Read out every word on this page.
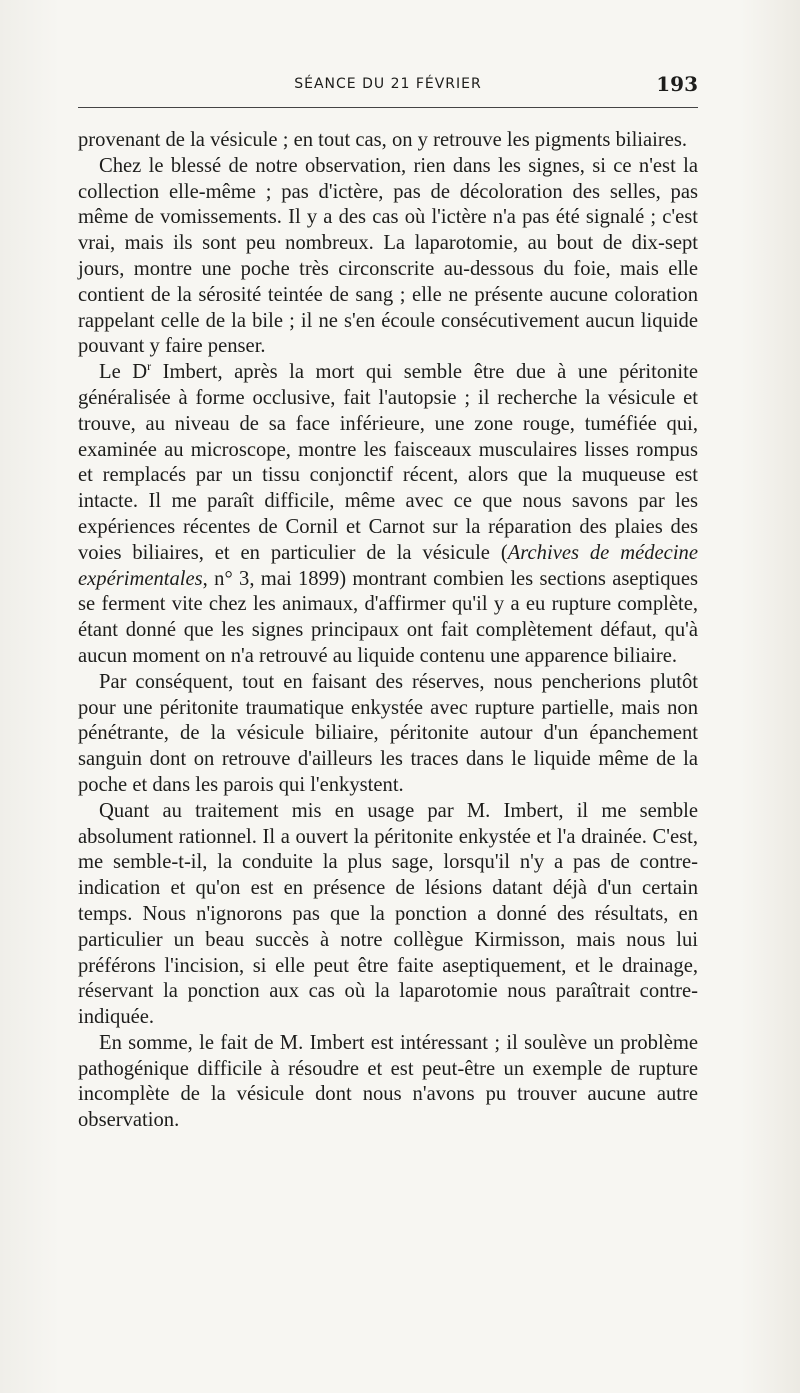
SÉANCE DU 21 FÉVRIER	193

provenant de la vésicule ; en tout cas, on y retrouve les pigments biliaires.

Chez le blessé de notre observation, rien dans les signes, si ce n'est la collection elle-même ; pas d'ictère, pas de décoloration des selles, pas même de vomissements. Il y a des cas où l'ictère n'a pas été signalé ; c'est vrai, mais ils sont peu nombreux. La laparotomie, au bout de dix-sept jours, montre une poche très circonscrite au-dessous du foie, mais elle contient de la sérosité teintée de sang ; elle ne présente aucune coloration rappelant celle de la bile ; il ne s'en écoule consécutivement aucun liquide pouvant y faire penser.

Le $D^r$ Imbert, après la mort qui semble être due à une péritonite généralisée à forme occlusive, fait l'autopsie ; il recherche la vésicule et trouve, au niveau de sa face inférieure, une zone rouge, tuméfiée qui, examinée au microscope, montre les faisceaux musculaires lisses rompus et remplacés par un tissu conjonctif récent, alors que la muqueuse est intacte. Il me paraît difficile, même avec ce que nous savons par les expériences récentes de Cornil et Carnot sur la réparation des plaies des voies biliaires, et en particulier de la vésicule (Archives de médecine expérimentales, n° 3, mai 1899) montrant combien les sections aseptiques se ferment vite chez les animaux, d'affirmer qu'il y a eu rupture complète, étant donné que les signes principaux ont fait complètement défaut, qu'à aucun moment on n'a retrouvé au liquide contenu une apparence biliaire.

Par conséquent, tout en faisant des réserves, nous pencherions plutôt pour une péritonite traumatique enkystée avec rupture partielle, mais non pénétrante, de la vésicule biliaire, péritonite autour d'un épanchement sanguin dont on retrouve d'ailleurs les traces dans le liquide même de la poche et dans les parois qui l'enkystent.

Quant au traitement mis en usage par M. Imbert, il me semble absolument rationnel. Il a ouvert la péritonite enkystée et l'a drainée. C'est, me semble-t-il, la conduite la plus sage, lorsqu'il n'y a pas de contre-indication et qu'on est en présence de lésions datant déjà d'un certain temps. Nous n'ignorons pas que la ponction a donné des résultats, en particulier un beau succès à notre collègue Kirmisson, mais nous lui préférons l'incision, si elle peut être faite aseptiquement, et le drainage, réservant la ponction aux cas où la laparotomie nous paraîtrait contre-indiquée.

En somme, le fait de M. Imbert est intéressant ; il soulève un problème pathogénique difficile à résoudre et est peut-être un exemple de rupture incomplète de la vésicule dont nous n'avons pu trouver aucune autre observation.
